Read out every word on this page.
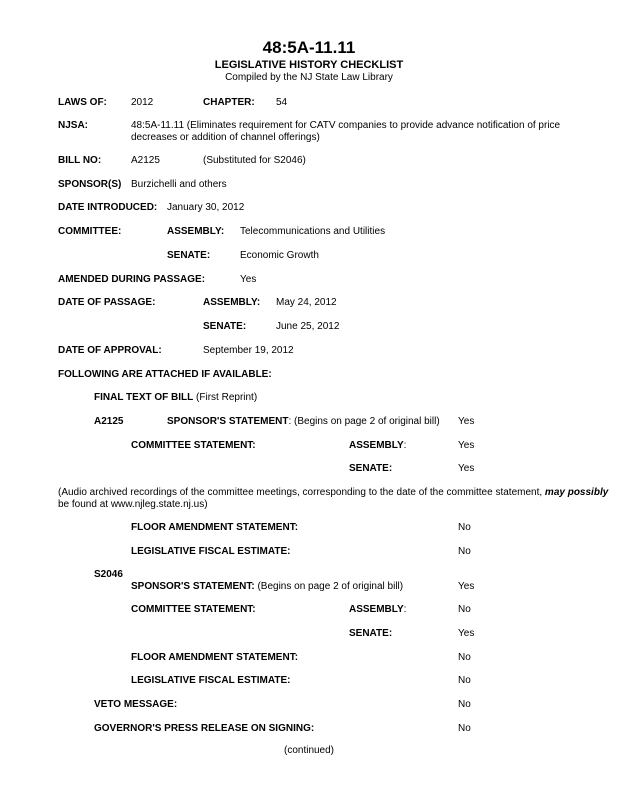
48:5A-11.11
LEGISLATIVE HISTORY CHECKLIST
Compiled by the NJ State Law Library
LAWS OF: 2012	CHAPTER: 54
NJSA:	48:5A-11.11 (Eliminates requirement for CATV companies to provide advance notification of price
decreases or addition of channel offerings)
BILL NO:	A2125	(Substituted for S2046)
SPONSOR(S) Burzichelli and others
DATE INTRODUCED: January 30, 2012
COMMITTEE:	ASSEMBLY: Telecommunications and Utilities
SENATE:	Economic Growth
AMENDED DURING PASSAGE:	Yes
DATE OF PASSAGE:	ASSEMBLY: May 24, 2012
SENATE:	June 25, 2012
DATE OF APPROVAL:	September 19, 2012
FOLLOWING ARE ATTACHED IF AVAILABLE:
FINAL TEXT OF BILL (First Reprint)
A2125	SPONSOR'S STATEMENT: (Begins on page 2 of original bill) Yes
COMMITTEE STATEMENT:	ASSEMBLY:	Yes
SENATE:	Yes
(Audio archived recordings of the committee meetings, corresponding to the date of the committee statement, may possibly
be found at www.njleg.state.nj.us)
FLOOR AMENDMENT STATEMENT:	No
LEGISLATIVE FISCAL ESTIMATE:	No
S2046
SPONSOR'S STATEMENT: (Begins on page 2 of original bill)	Yes
COMMITTEE STATEMENT:	ASSEMBLY:	No
SENATE:	Yes
FLOOR AMENDMENT STATEMENT:	No
LEGISLATIVE FISCAL ESTIMATE:	No
VETO MESSAGE:	No
GOVERNOR'S PRESS RELEASE ON SIGNING:	No
(continued)
